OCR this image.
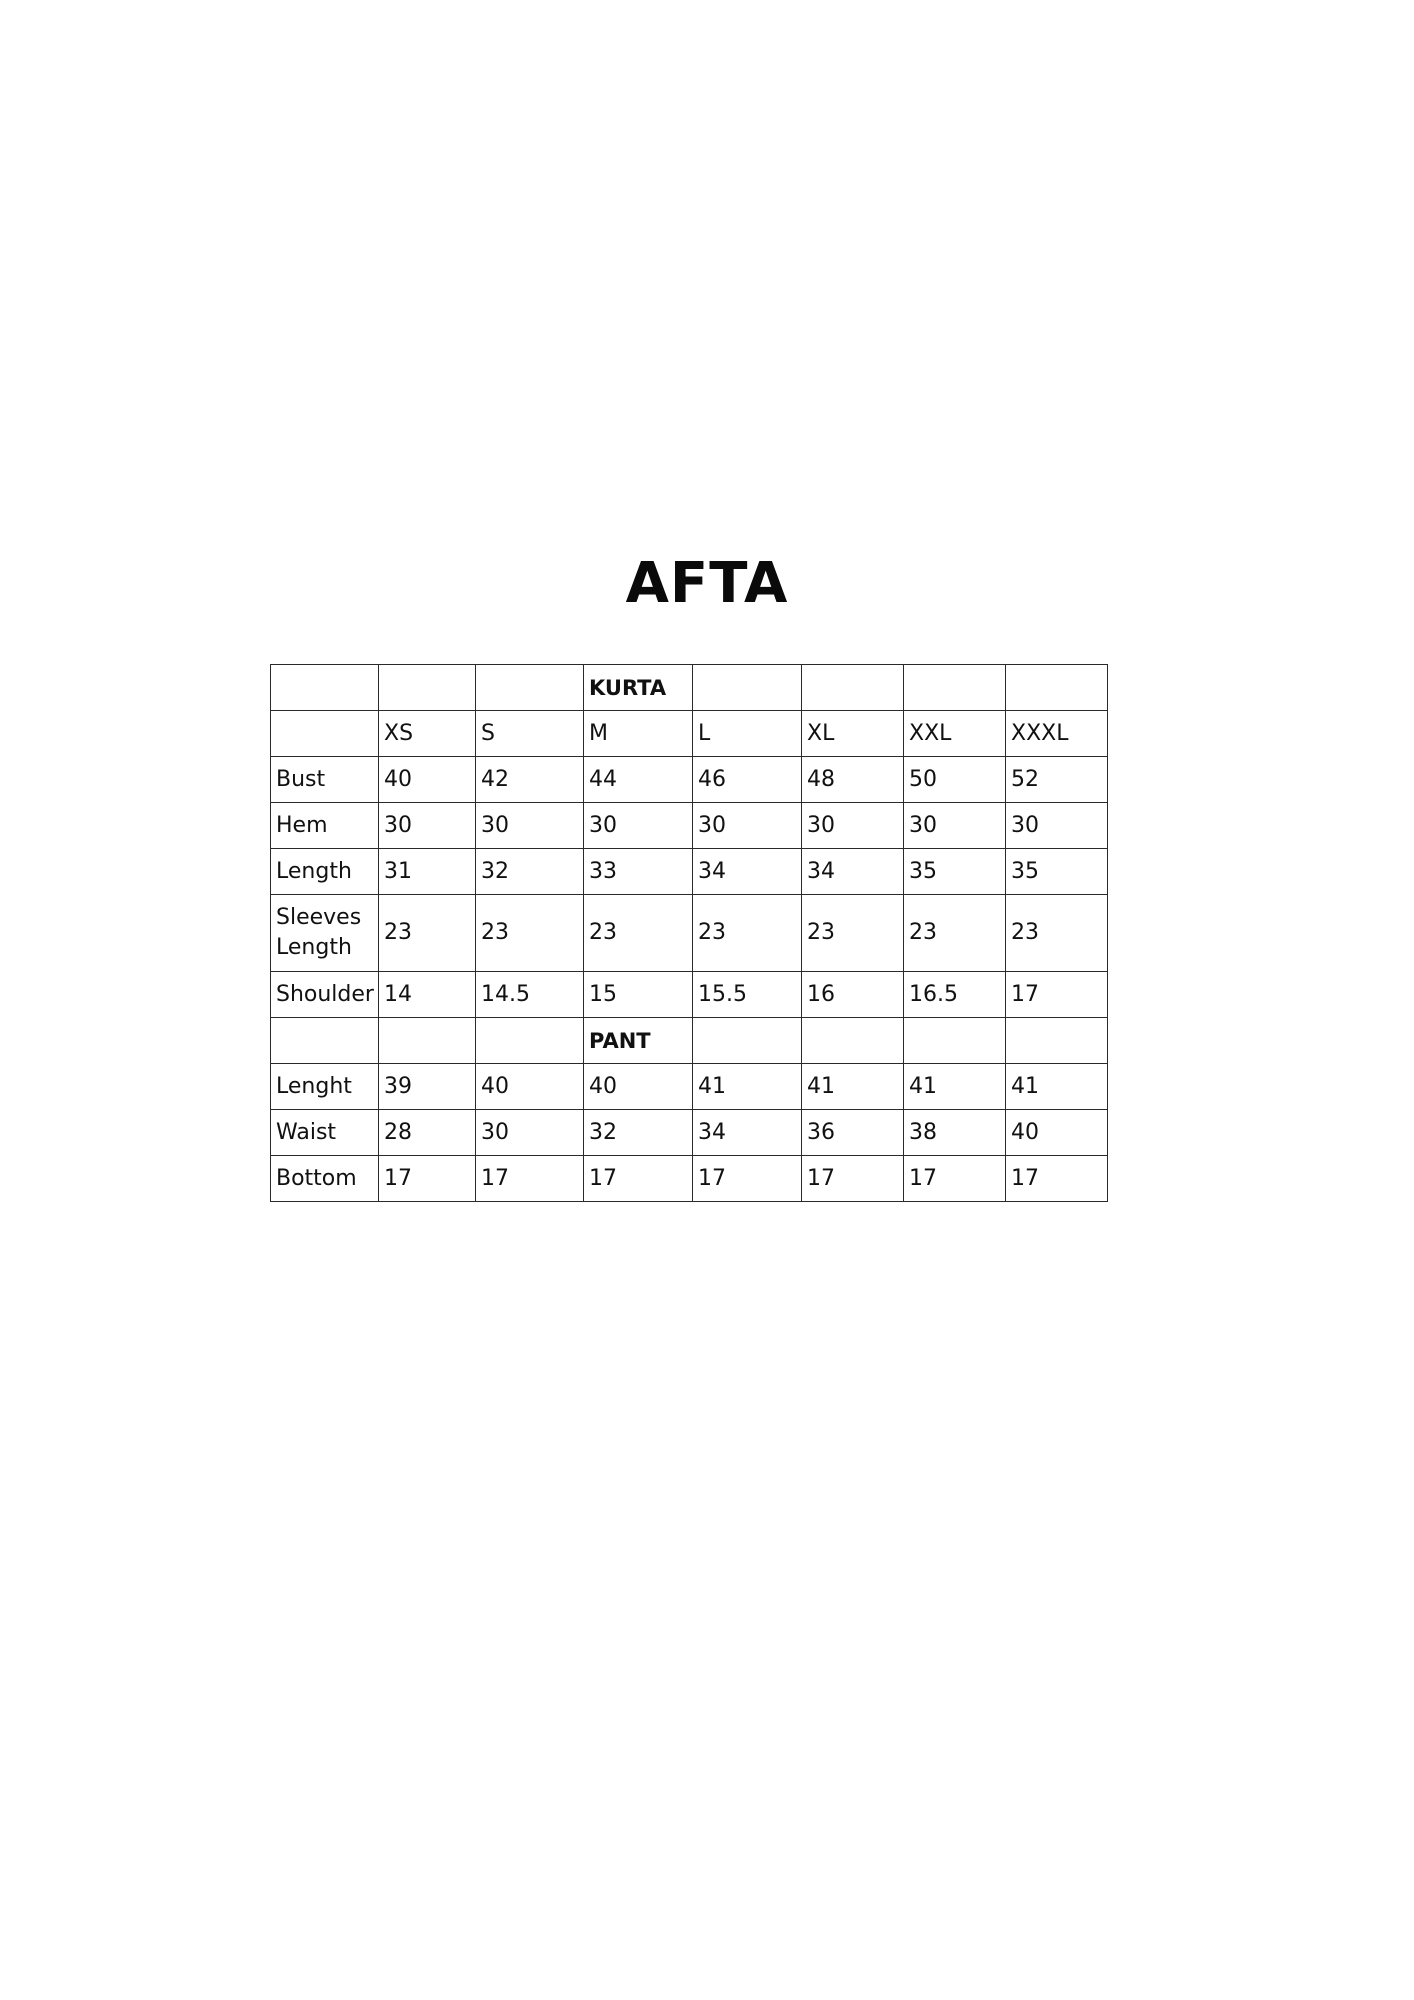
AFTA
			KURTA				
	XS	S	M	L	XL	XXL	XXXL
Bust	40	42	44	46	48	50	52
Hem	30	30	30	30	30	30	30
Length	31	32	33	34	34	35	35
Sleeves Length	23	23	23	23	23	23	23
Shoulder	14	14.5	15	15.5	16	16.5	17
			PANT				
Lenght	39	40	40	41	41	41	41
Waist	28	30	32	34	36	38	40
Bottom	17	17	17	17	17	17	17
